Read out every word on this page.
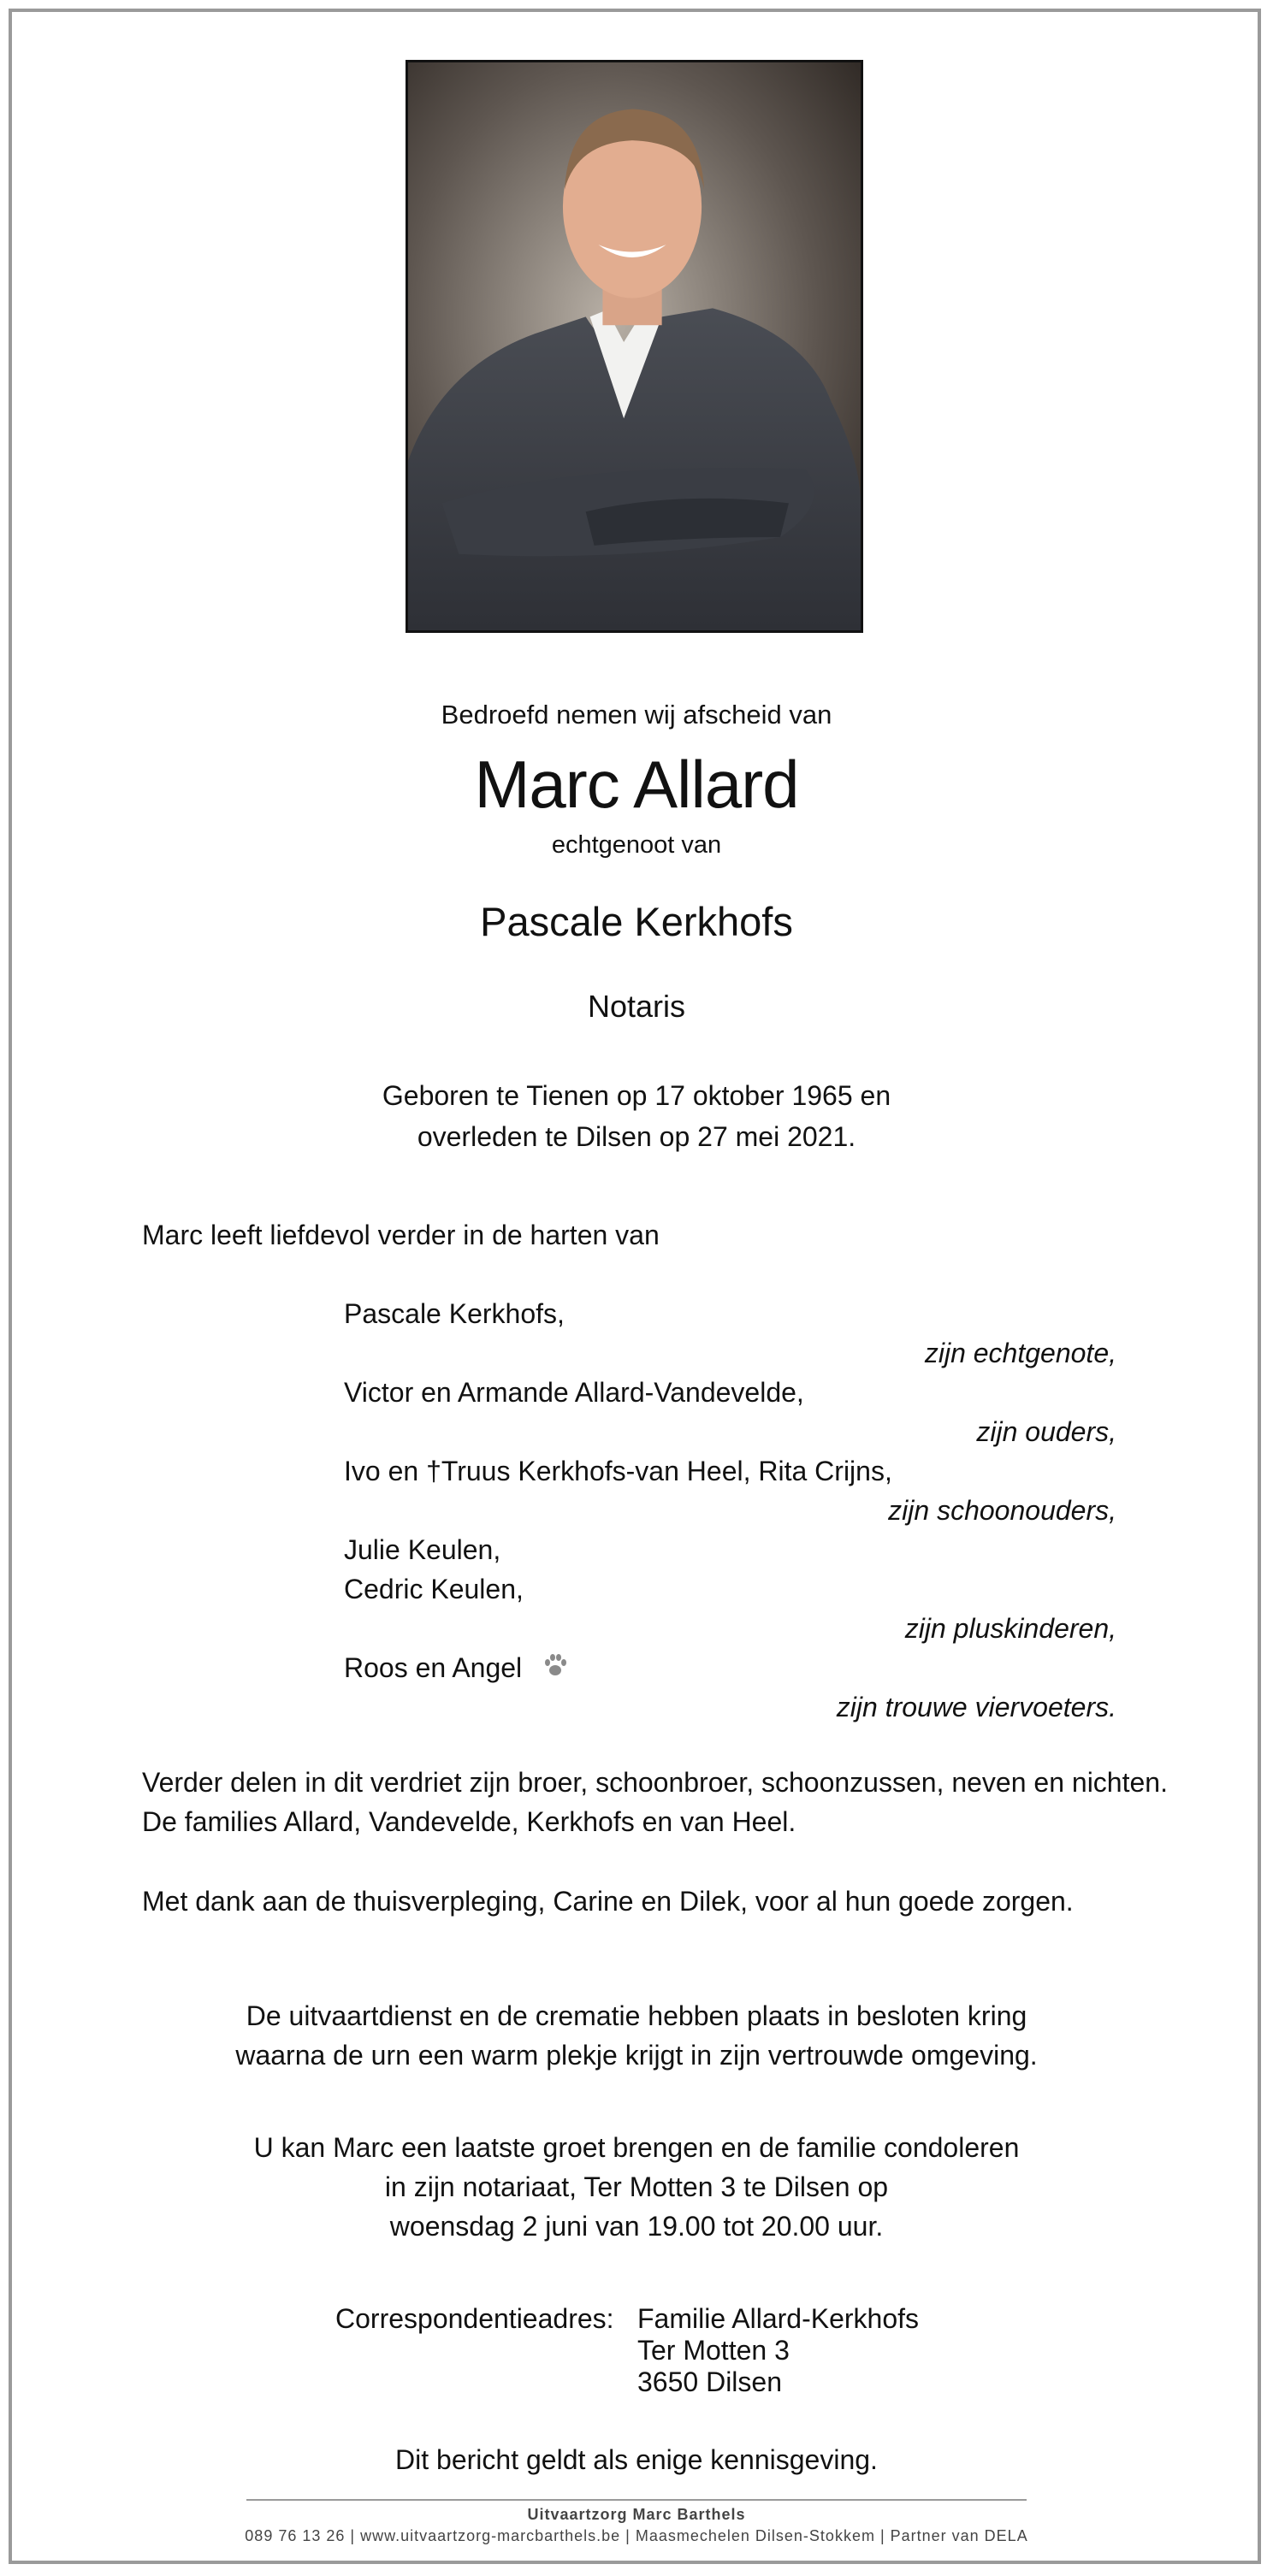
Bedroefd nemen wij afscheid van
Marc Allard
echtgenoot van
Pascale Kerkhofs
Notaris
Geboren te Tienen op 17 oktober 1965 en
overleden te Dilsen op 27 mei 2021.
Marc leeft liefdevol verder in de harten van
Pascale Kerkhofs,
zijn echtgenote,
Victor en Armande Allard-Vandevelde,
zijn ouders,
Ivo en †Truus Kerkhofs-van Heel, Rita Crijns,
zijn schoonouders,
Julie Keulen,
Cedric Keulen,
zijn pluskinderen,
Roos en Angel
zijn trouwe viervoeters.
Verder delen in dit verdriet zijn broer, schoonbroer, schoonzussen, neven en nichten.
De families Allard, Vandevelde, Kerkhofs en van Heel.
Met dank aan de thuisverpleging, Carine en Dilek, voor al hun goede zorgen.
De uitvaartdienst en de crematie hebben plaats in besloten kring
waarna de urn een warm plekje krijgt in zijn vertrouwde omgeving.
U kan Marc een laatste groet brengen en de familie condoleren
in zijn notariaat, Ter Motten 3 te Dilsen op
woensdag 2 juni van 19.00 tot 20.00 uur.
Correspondentieadres: Familie Allard-Kerkhofs
Ter Motten 3
3650 Dilsen
Dit bericht geldt als enige kennisgeving.
Uitvaartzorg Marc Barthels
089 76 13 26 | www.uitvaartzorg-marcbarthels.be | Maasmechelen Dilsen-Stokkem | Partner van DELA
